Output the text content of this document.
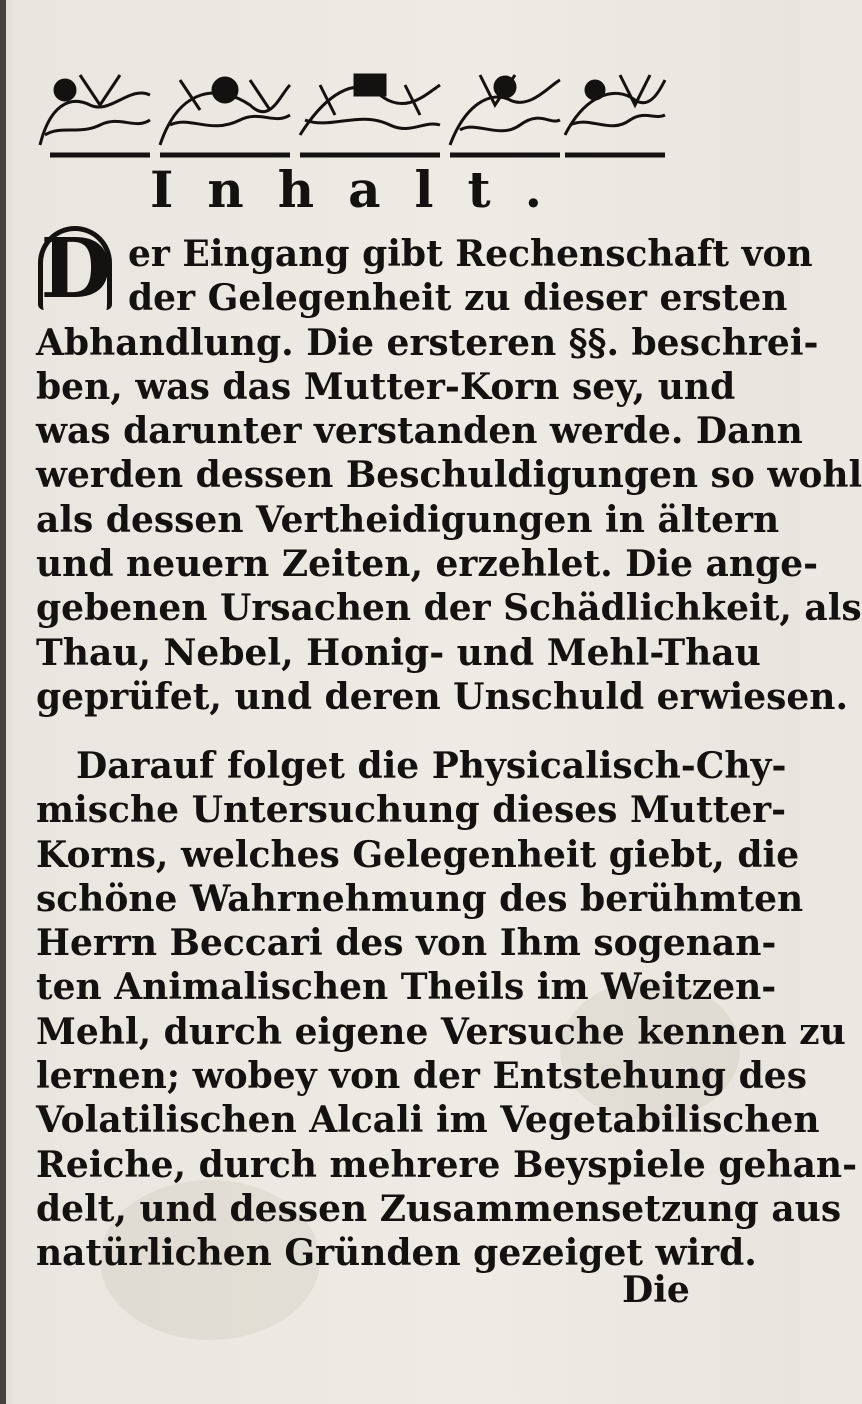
Inhalt.
D er Eingang gibt Rechenschaft von
der Gelegenheit zu dieser ersten
Abhandlung. Die ersteren §§. beschrei-
ben, was das Mutter-Korn sey, und
was darunter verstanden werde. Dann
werden dessen Beschuldigungen so wohl
als dessen Vertheidigungen in ältern
und neuern Zeiten, erzehlet. Die ange-
gebenen Ursachen der Schädlichkeit, als
Thau, Nebel, Honig- und Mehl-Thau
geprüfet, und deren Unschuld erwiesen.
Darauf folget die Physicalisch-Chy-
mische Untersuchung dieses Mutter-
Korns, welches Gelegenheit giebt, die
schöne Wahrnehmung des berühmten
Herrn Beccari des von Ihm sogenan-
ten Animalischen Theils im Weitzen-
Mehl, durch eigene Versuche kennen zu
lernen; wobey von der Entstehung des
Volatilischen Alcali im Vegetabilischen
Reiche, durch mehrere Beyspiele gehan-
delt, und dessen Zusammensetzung aus
natürlichen Gründen gezeiget wird.
Die
